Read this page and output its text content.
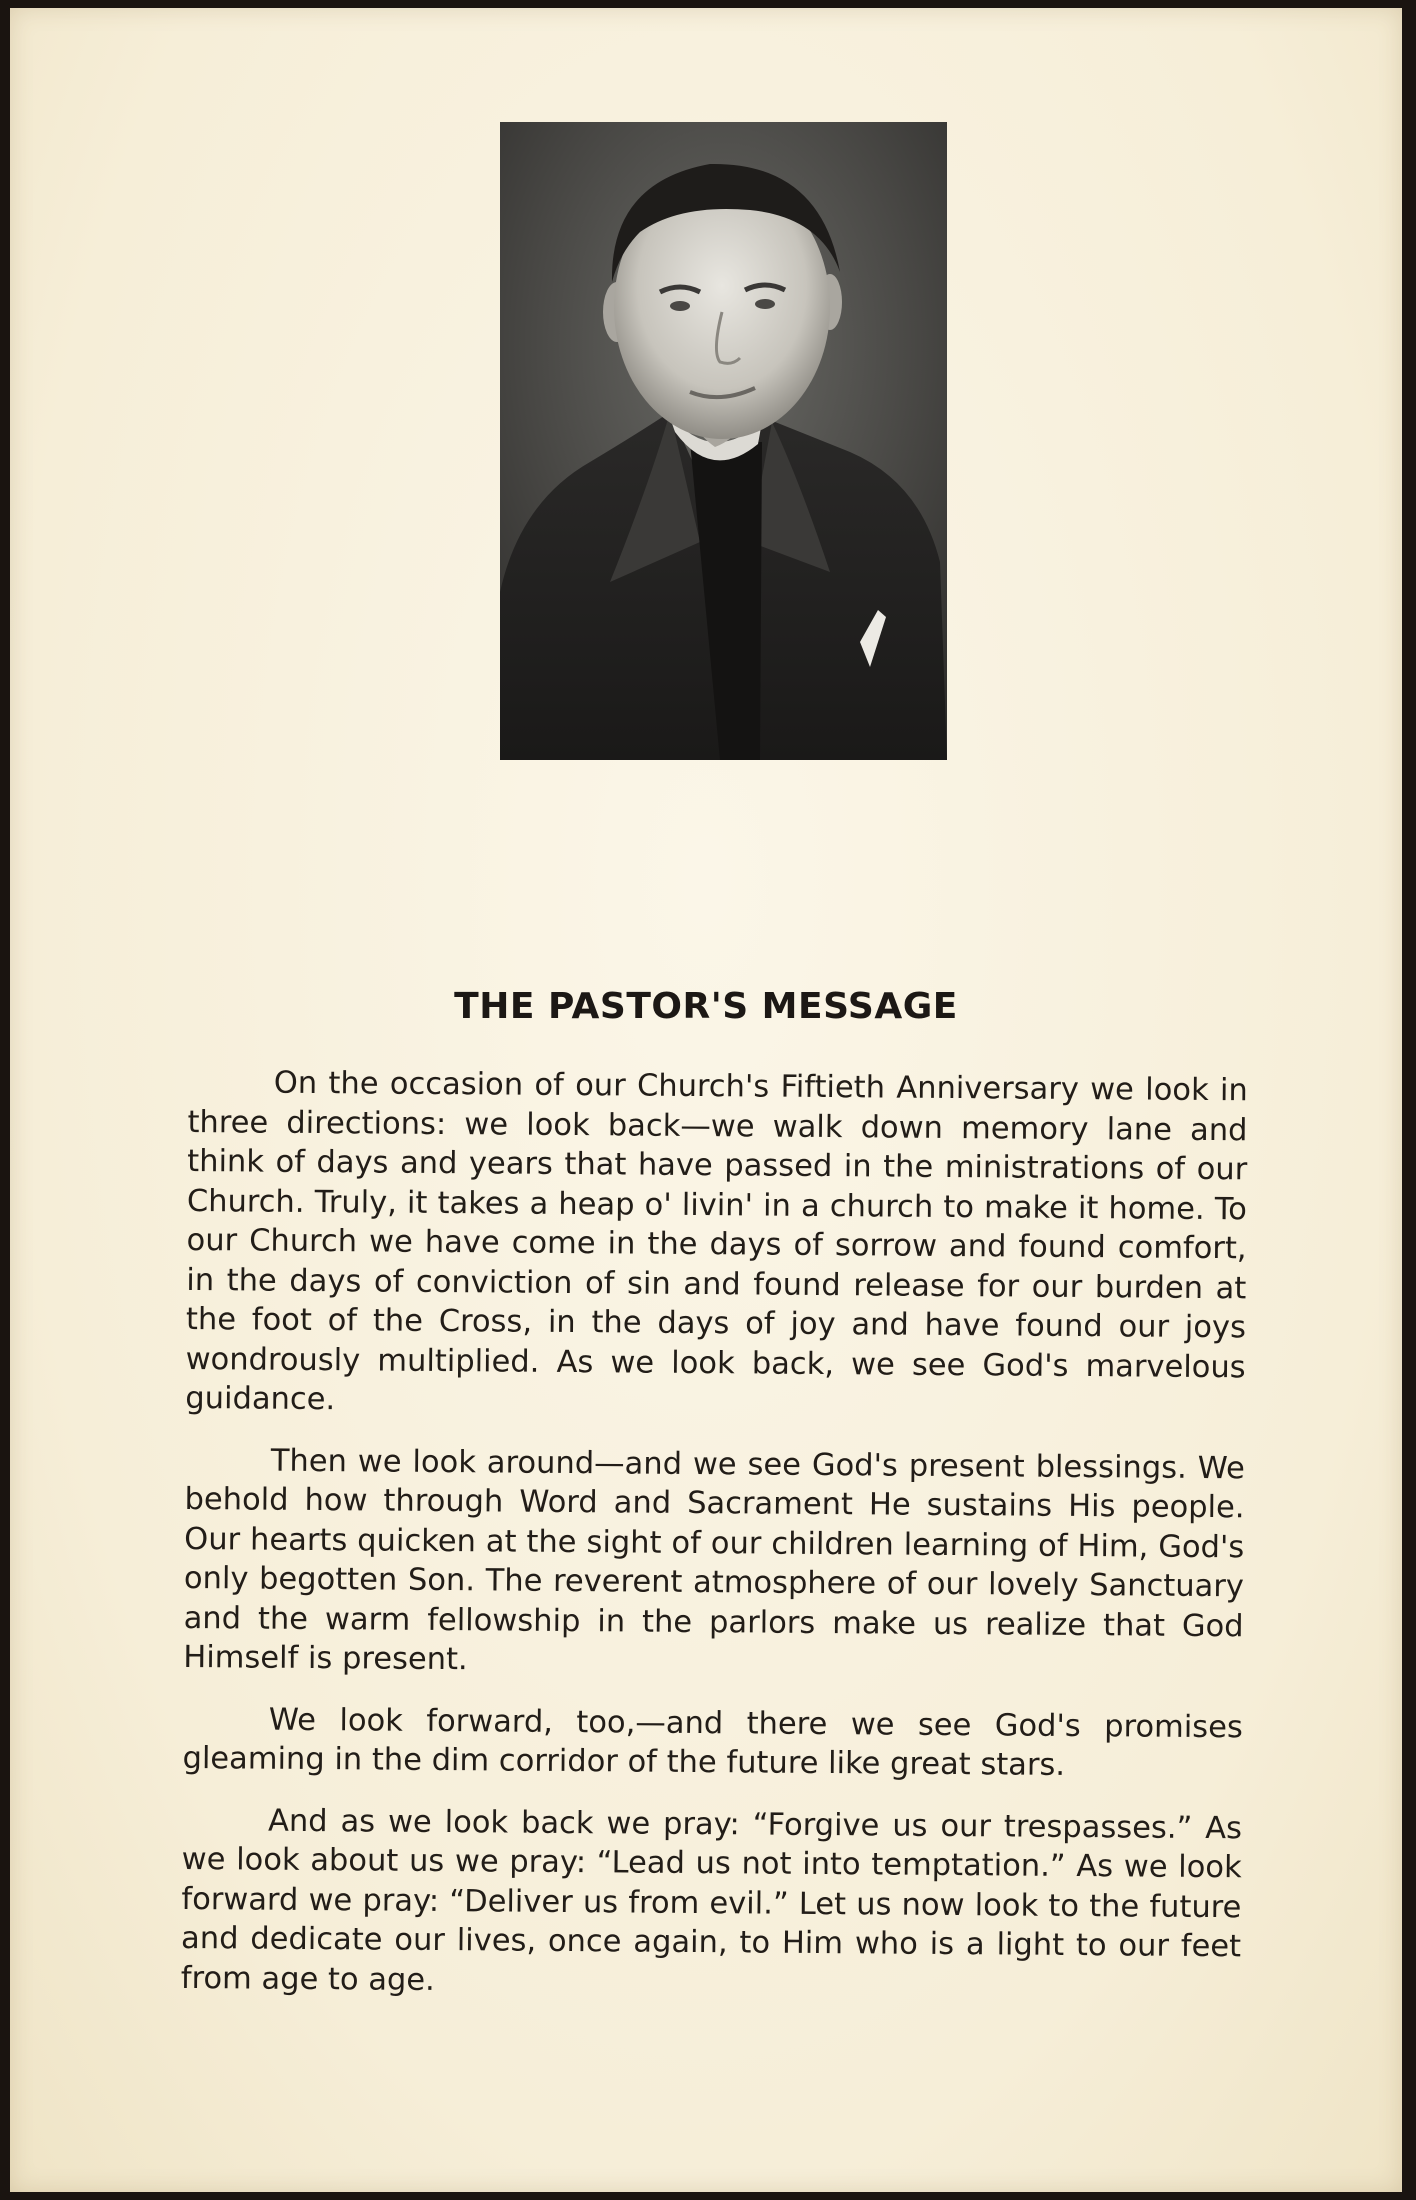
THE PASTOR'S MESSAGE

On the occasion of our Church's Fiftieth Anniversary we look in three directions: we look back—we walk down memory lane and think of days and years that have passed in the ministrations of our Church. Truly, it takes a heap o' livin' in a church to make it home. To our Church we have come in the days of sorrow and found comfort, in the days of conviction of sin and found release for our burden at the foot of the Cross, in the days of joy and have found our joys wondrously multiplied. As we look back, we see God's marvelous guidance.

Then we look around—and we see God's present blessings. We behold how through Word and Sacrament He sustains His people. Our hearts quicken at the sight of our children learning of Him, God's only begotten Son. The reverent atmosphere of our lovely Sanctuary and the warm fellowship in the parlors make us realize that God Himself is present.

We look forward, too,—and there we see God's promises gleaming in the dim corridor of the future like great stars.

And as we look back we pray: “Forgive us our trespasses.” As we look about us we pray: “Lead us not into temptation.” As we look forward we pray: “Deliver us from evil.” Let us now look to the future and dedicate our lives, once again, to Him who is a light to our feet from age to age.
